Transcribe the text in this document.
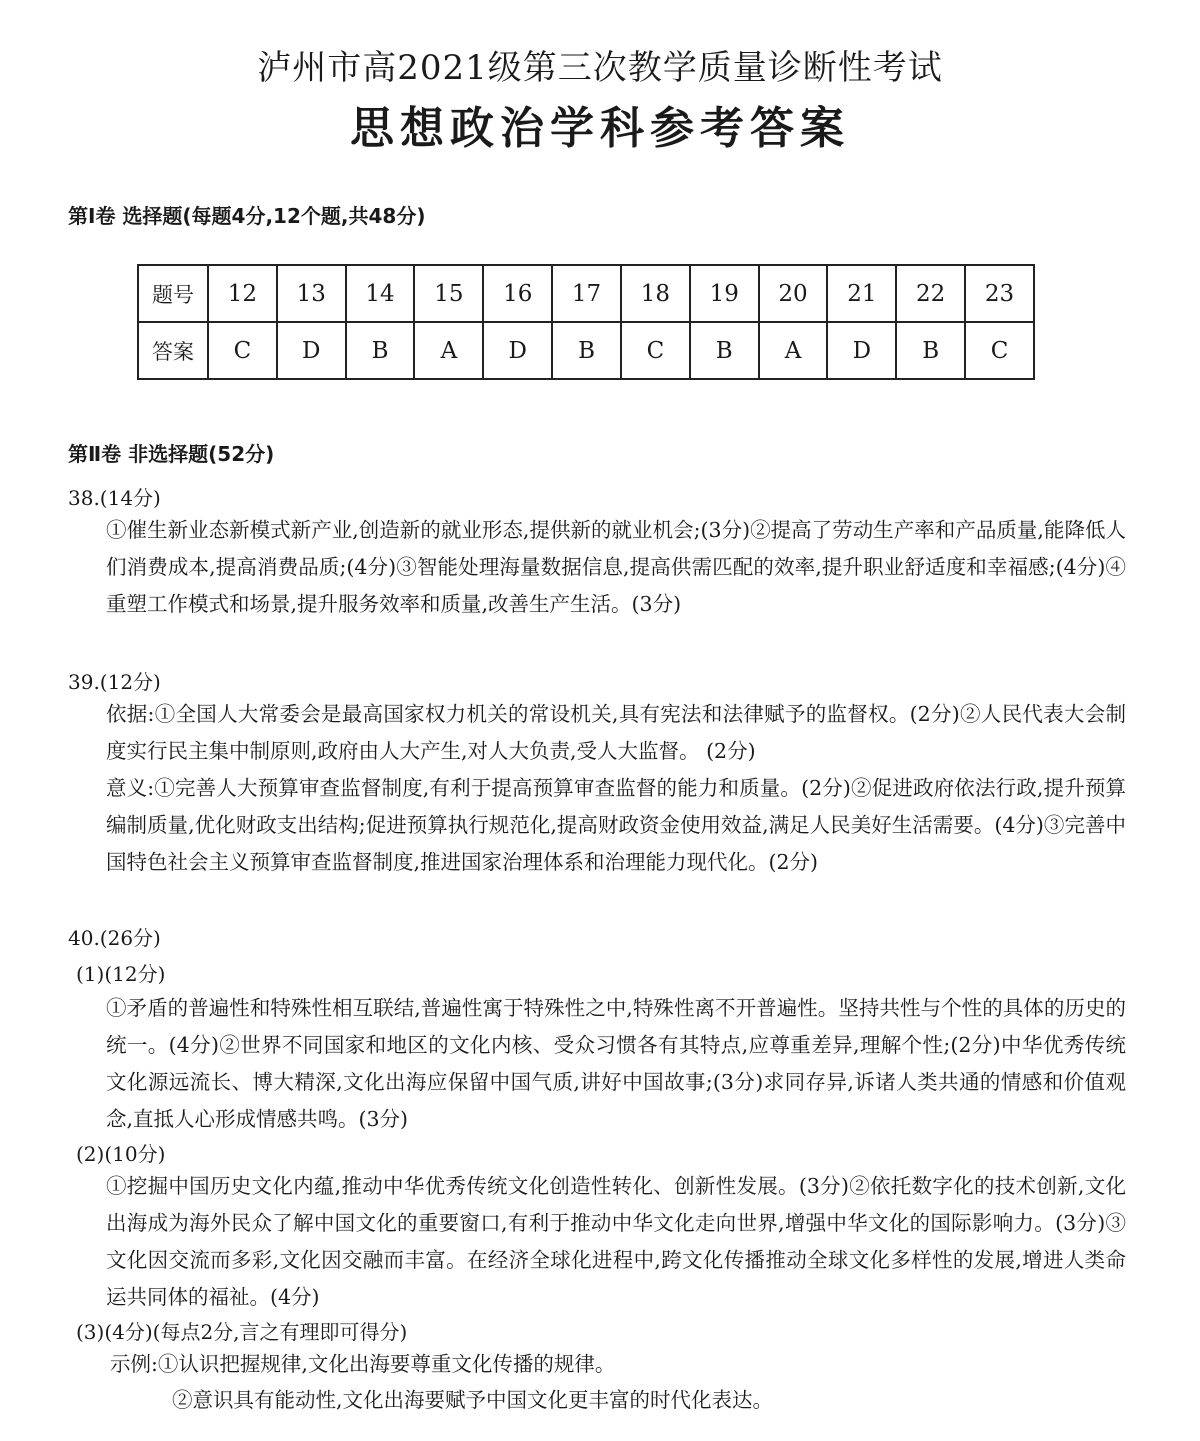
泸州市高2021级第三次教学质量诊断性考试
思想政治学科参考答案
第Ⅰ卷 选择题(每题4分,12个题,共48分)
题号	12	13	14	15	16	17	18	19	20	21	22	23
答案	C	D	B	A	D	B	C	B	A	D	B	C
第Ⅱ卷 非选择题(52分)
38.(14分)
①催生新业态新模式新产业,创造新的就业形态,提供新的就业机会;(3分)②提高了劳动生产率和产品质量,能降低人们消费成本,提高消费品质;(4分)③智能处理海量数据信息,提高供需匹配的效率,提升职业舒适度和幸福感;(4分)④重塑工作模式和场景,提升服务效率和质量,改善生产生活。(3分)
39.(12分)
依据:①全国人大常委会是最高国家权力机关的常设机关,具有宪法和法律赋予的监督权。(2分)②人民代表大会制度实行民主集中制原则,政府由人大产生,对人大负责,受人大监督。 (2分)
意义:①完善人大预算审查监督制度,有利于提高预算审查监督的能力和质量。(2分)②促进政府依法行政,提升预算编制质量,优化财政支出结构;促进预算执行规范化,提高财政资金使用效益,满足人民美好生活需要。(4分)③完善中国特色社会主义预算审查监督制度,推进国家治理体系和治理能力现代化。(2分)
40.(26分)
(1)(12分)
①矛盾的普遍性和特殊性相互联结,普遍性寓于特殊性之中,特殊性离不开普遍性。坚持共性与个性的具体的历史的统一。(4分)②世界不同国家和地区的文化内核、受众习惯各有其特点,应尊重差异,理解个性;(2分)中华优秀传统文化源远流长、博大精深,文化出海应保留中国气质,讲好中国故事;(3分)求同存异,诉诸人类共通的情感和价值观念,直抵人心形成情感共鸣。(3分)
(2)(10分)
①挖掘中国历史文化内蕴,推动中华优秀传统文化创造性转化、创新性发展。(3分)②依托数字化的技术创新,文化出海成为海外民众了解中国文化的重要窗口,有利于推动中华文化走向世界,增强中华文化的国际影响力。(3分)③文化因交流而多彩,文化因交融而丰富。在经济全球化进程中,跨文化传播推动全球文化多样性的发展,增进人类命运共同体的福祉。(4分)
(3)(4分)(每点2分,言之有理即可得分)
示例:①认识把握规律,文化出海要尊重文化传播的规律。
②意识具有能动性,文化出海要赋予中国文化更丰富的时代化表达。
